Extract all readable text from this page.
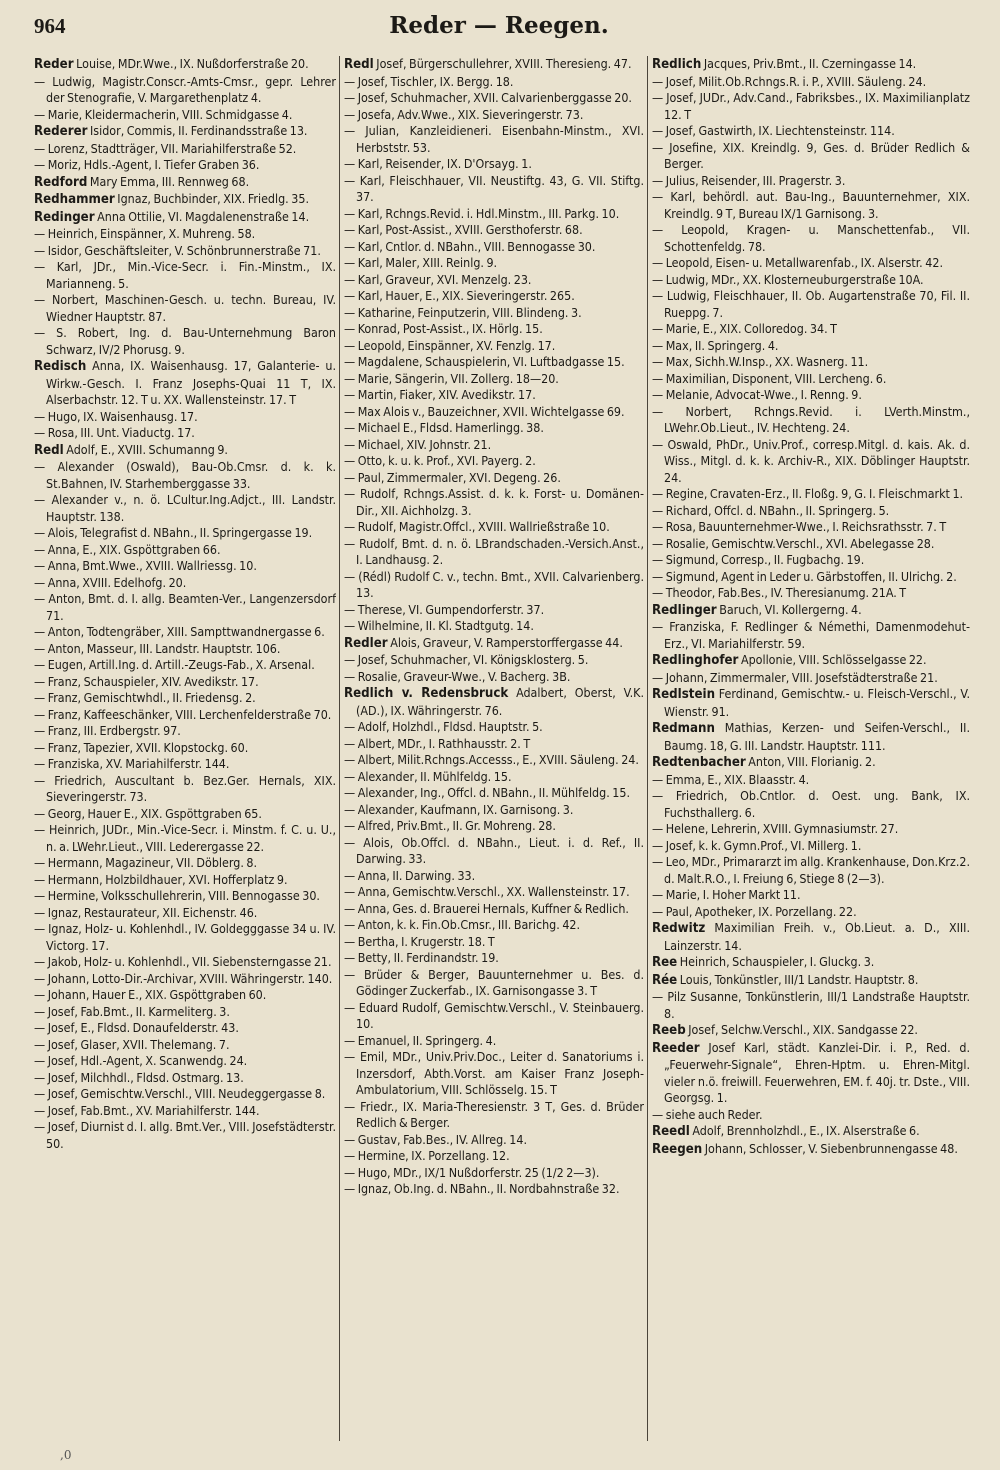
964	Reder — Reegen.

Reder Louise, MDr.Wwe., IX. Nußdorferstraße 20.

— Ludwig, Magistr.Conscr.-Amts-Cmsr., gepr. Lehrer der Stenografie, V. Margarethenplatz 4.

— Marie, Kleidermacherin, VIII. Schmidgasse 4.

Rederer Isidor, Commis, II. Ferdinandsstraße 13.

— Lorenz, Stadtträger, VII. Mariahilferstraße 52.

— Moriz, Hdls.-Agent, I. Tiefer Graben 36.

Redford Mary Emma, III. Rennweg 68.

Redhammer Ignaz, Buchbinder, XIX. Friedlg. 35.

Redinger Anna Ottilie, VI. Magdalenenstraße 14.

— Heinrich, Einspänner, X. Muhreng. 58.

— Isidor, Geschäftsleiter, V. Schönbrunnerstraße 71.

— Karl, JDr., Min.-Vice-Secr. i. Fin.-Minstm., IX. Marianneng. 5.

— Norbert, Maschinen-Gesch. u. techn. Bureau, IV. Wiedner Hauptstr. 87.

— S. Robert, Ing. d. Bau-Unternehmung Baron Schwarz, IV/2 Phorusg. 9.

Redisch Anna, IX. Waisenhausg. 17, Galanterie- u. Wirkw.-Gesch. I. Franz Josephs-Quai 11 T, IX. Alserbachstr. 12. T u. XX. Wallensteinstr. 17. T

— Hugo, IX. Waisenhausg. 17.

— Rosa, III. Unt. Viaductg. 17.

Redl Adolf, E., XVIII. Schumanng 9.

— Alexander (Oswald), Bau-Ob.Cmsr. d. k. k. St.Bahnen, IV. Starhemberggasse 33.

— Alexander v., n. ö. LCultur.Ing.Adjct., III. Landstr. Hauptstr. 138.

— Alois, Telegrafist d. NBahn., II. Springergasse 19.

— Anna, E., XIX. Gspöttgraben 66.

— Anna, Bmt.Wwe., XVIII. Wallriessg. 10.

— Anna, XVIII. Edelhofg. 20.

— Anton, Bmt. d. I. allg. Beamten-Ver., Langenzersdorf 71.

— Anton, Todtengräber, XIII. Sampttwandnergasse 6.

— Anton, Masseur, III. Landstr. Hauptstr. 106.

— Eugen, Artill.Ing. d. Artill.-Zeugs-Fab., X. Arsenal.

— Franz, Schauspieler, XIV. Avedikstr. 17.

— Franz, Gemischtwhdl., II. Friedensg. 2.

— Franz, Kaffeeschänker, VIII. Lerchenfelderstraße 70.

— Franz, III. Erdbergstr. 97.

— Franz, Tapezier, XVII. Klopstockg. 60.

— Franziska, XV. Mariahilferstr. 144.

— Friedrich, Auscultant b. Bez.Ger. Hernals, XIX. Sieveringerstr. 73.

— Georg, Hauer E., XIX. Gspöttgraben 65.

— Heinrich, JUDr., Min.-Vice-Secr. i. Minstm. f. C. u. U., n. a. LWehr.Lieut., VIII. Lederergasse 22.

— Hermann, Magazineur, VII. Döblerg. 8.

— Hermann, Holzbildhauer, XVI. Hofferplatz 9.

— Hermine, Volksschullehrerin, VIII. Bennogasse 30.

— Ignaz, Restaurateur, XII. Eichenstr. 46.

— Ignaz, Holz- u. Kohlenhdl., IV. Goldegggasse 34 u. IV. Victorg. 17.

— Jakob, Holz- u. Kohlenhdl., VII. Siebensterngasse 21.

— Johann, Lotto-Dir.-Archivar, XVIII. Währingerstr. 140.

— Johann, Hauer E., XIX. Gspöttgraben 60.

— Josef, Fab.Bmt., II. Karmeliterg. 3.

— Josef, E., Fldsd. Donaufelderstr. 43.

— Josef, Glaser, XVII. Thelemang. 7.

— Josef, Hdl.-Agent, X. Scanwendg. 24.

— Josef, Milchhdl., Fldsd. Ostmarg. 13.

— Josef, Gemischtw.Verschl., VIII. Neudeggergasse 8.

— Josef, Fab.Bmt., XV. Mariahilferstr. 144.

— Josef, Diurnist d. I. allg. Bmt.Ver., VIII. Josefstädterstr. 50.

Redl Josef, Bürgerschullehrer, XVIII. Theresieng. 47.

— Josef, Tischler, IX. Bergg. 18.

— Josef, Schuhmacher, XVII. Calvarienberggasse 20.

— Josefa, Adv.Wwe., XIX. Sieveringerstr. 73.

— Julian, Kanzleidieneri. Eisenbahn-Minstm., XVI. Herbststr. 53.

— Karl, Reisender, IX. D'Orsayg. 1.

— Karl, Fleischhauer, VII. Neustiftg. 43, G. VII. Stiftg. 37.

— Karl, Rchngs.Revid. i. Hdl.Minstm., III. Parkg. 10.

— Karl, Post-Assist., XVIII. Gersthoferstr. 68.

— Karl, Cntlor. d. NBahn., VIII. Bennogasse 30.

— Karl, Maler, XIII. Reinlg. 9.

— Karl, Graveur, XVI. Menzelg. 23.

— Karl, Hauer, E., XIX. Sieveringerstr. 265.

— Katharine, Feinputzerin, VIII. Blindeng. 3.

— Konrad, Post-Assist., IX. Hörlg. 15.

— Leopold, Einspänner, XV. Fenzlg. 17.

— Magdalene, Schauspielerin, VI. Luftbadgasse 15.

— Marie, Sängerin, VII. Zollerg. 18—20.

— Martin, Fiaker, XIV. Avedikstr. 17.

— Max Alois v., Bauzeichner, XVII. Wichtelgasse 69.

— Michael E., Fldsd. Hamerlingg. 38.

— Michael, XIV. Johnstr. 21.

— Otto, k. u. k. Prof., XVI. Payerg. 2.

— Paul, Zimmermaler, XVI. Degeng. 26.

— Rudolf, Rchngs.Assist. d. k. k. Forst- u. Domänen-Dir., XII. Aichholzg. 3.

— Rudolf, Magistr.Offcl., XVIII. Wallrießstraße 10.

— Rudolf, Bmt. d. n. ö. LBrandschaden.-Versich.Anst., I. Landhausg. 2.

— (Rédl) Rudolf C. v., techn. Bmt., XVII. Calvarienberg. 13.

— Therese, VI. Gumpendorferstr. 37.

— Wilhelmine, II. Kl. Stadtgutg. 14.

Redler Alois, Graveur, V. Ramperstorffergasse 44.

— Josef, Schuhmacher, VI. Königsklosterg. 5.

— Rosalie, Graveur-Wwe., V. Bacherg. 3B.

Redlich v. Redensbruck Adalbert, Oberst, V.K. (AD.), IX. Währingerstr. 76.

— Adolf, Holzhdl., Fldsd. Hauptstr. 5.

— Albert, MDr., I. Rathhausstr. 2. T

— Albert, Milit.Rchngs.Accesss., E., XVIII. Säuleng. 24.

— Alexander, II. Mühlfeldg. 15.

— Alexander, Ing., Offcl. d. NBahn., II. Mühlfeldg. 15.

— Alexander, Kaufmann, IX. Garnisong. 3.

— Alfred, Priv.Bmt., II. Gr. Mohreng. 28.

— Alois, Ob.Offcl. d. NBahn., Lieut. i. d. Ref., II. Darwing. 33.

— Anna, II. Darwing. 33.

— Anna, Gemischtw.Verschl., XX. Wallensteinstr. 17.

— Anna, Ges. d. Brauerei Hernals, Kuffner & Redlich.

— Anton, k. k. Fin.Ob.Cmsr., III. Barichg. 42.

— Bertha, I. Krugerstr. 18. T

— Betty, II. Ferdinandstr. 19.

— Brüder & Berger, Bauunternehmer u. Bes. d. Gödinger Zuckerfab., IX. Garnisongasse 3. T

— Eduard Rudolf, Gemischtw.Verschl., V. Steinbauerg. 10.

— Emanuel, II. Springerg. 4.

— Emil, MDr., Univ.Priv.Doc., Leiter d. Sanatoriums i. Inzersdorf, Abth.Vorst. am Kaiser Franz Joseph-Ambulatorium, VIII. Schlösselg. 15. T

— Friedr., IX. Maria-Theresienstr. 3 T, Ges. d. Brüder Redlich & Berger.

— Gustav, Fab.Bes., IV. Allreg. 14.

— Hermine, IX. Porzellang. 12.

— Hugo, MDr., IX/1 Nußdorferstr. 25 (1/2 2—3).

— Ignaz, Ob.Ing. d. NBahn., II. Nordbahnstraße 32.

Redlich Jacques, Priv.Bmt., II. Czerningasse 14.

— Josef, Milit.Ob.Rchngs.R. i. P., XVIII. Säuleng. 24.

— Josef, JUDr., Adv.Cand., Fabriksbes., IX. Maximilianplatz 12. T

— Josef, Gastwirth, IX. Liechtensteinstr. 114.

— Josefine, XIX. Kreindlg. 9, Ges. d. Brüder Redlich & Berger.

— Julius, Reisender, III. Pragerstr. 3.

— Karl, behördl. aut. Bau-Ing., Bauunternehmer, XIX. Kreindlg. 9 T, Bureau IX/1 Garnisong. 3.

— Leopold, Kragen- u. Manschettenfab., VII. Schottenfeldg. 78.

— Leopold, Eisen- u. Metallwarenfab., IX. Alserstr. 42.

— Ludwig, MDr., XX. Klosterneuburgerstraße 10A.

— Ludwig, Fleischhauer, II. Ob. Augartenstraße 70, Fil. II. Rueppg. 7.

— Marie, E., XIX. Colloredog. 34. T

— Max, II. Springerg. 4.

— Max, Sichh.W.Insp., XX. Wasnerg. 11.

— Maximilian, Disponent, VIII. Lercheng. 6.

— Melanie, Advocat-Wwe., I. Renng. 9.

— Norbert, Rchngs.Revid. i. LVerth.Minstm., LWehr.Ob.Lieut., IV. Hechteng. 24.

— Oswald, PhDr., Univ.Prof., corresp.Mitgl. d. kais. Ak. d. Wiss., Mitgl. d. k. k. Archiv-R., XIX. Döblinger Hauptstr. 24.

— Regine, Cravaten-Erz., II. Floßg. 9, G. I. Fleischmarkt 1.

— Richard, Offcl. d. NBahn., II. Springerg. 5.

— Rosa, Bauunternehmer-Wwe., I. Reichsrathsstr. 7. T

— Rosalie, Gemischtw.Verschl., XVI. Abelegasse 28.

— Sigmund, Corresp., II. Fugbachg. 19.

— Sigmund, Agent in Leder u. Gärbstoffen, II. Ulrichg. 2.

— Theodor, Fab.Bes., IV. Theresianumg. 21A. T

Redlinger Baruch, VI. Kollergerng. 4.

— Franziska, F. Redlinger & Némethi, Damenmodehut-Erz., VI. Mariahilferstr. 59.

Redlinghofer Apollonie, VIII. Schlösselgasse 22.

— Johann, Zimmermaler, VIII. Josefstädterstraße 21.

Redlstein Ferdinand, Gemischtw.- u. Fleisch-Verschl., V. Wienstr. 91.

Redmann Mathias, Kerzen- und Seifen-Verschl., II. Baumg. 18, G. III. Landstr. Hauptstr. 111.

Redtenbacher Anton, VIII. Florianig. 2.

— Emma, E., XIX. Blaasstr. 4.

— Friedrich, Ob.Cntlor. d. Oest. ung. Bank, IX. Fuchsthallerg. 6.

— Helene, Lehrerin, XVIII. Gymnasiumstr. 27.

— Josef, k. k. Gymn.Prof., VI. Millerg. 1.

— Leo, MDr., Primararzt im allg. Krankenhause, Don.Krz.2. d. Malt.R.O., I. Freiung 6, Stiege 8 (2—3).

— Marie, I. Hoher Markt 11.

— Paul, Apotheker, IX. Porzellang. 22.

Redwitz Maximilian Freih. v., Ob.Lieut. a. D., XIII. Lainzerstr. 14.

Ree Heinrich, Schauspieler, I. Gluckg. 3.

Rée Louis, Tonkünstler, III/1 Landstr. Hauptstr. 8.

— Pilz Susanne, Tonkünstlerin, III/1 Landstraße Hauptstr. 8.

Reeb Josef, Selchw.Verschl., XIX. Sandgasse 22.

Reeder Josef Karl, städt. Kanzlei-Dir. i. P., Red. d. „Feuerwehr-Signale“, Ehren-Hptm. u. Ehren-Mitgl. vieler n.ö. freiwill. Feuerwehren, EM. f. 40j. tr. Dste., VIII. Georgsg. 1.

— siehe auch Reder.

Reedl Adolf, Brennholzhdl., E., IX. Alserstraße 6.

Reegen Johann, Schlosser, V. Siebenbrunnengasse 48.

,0
